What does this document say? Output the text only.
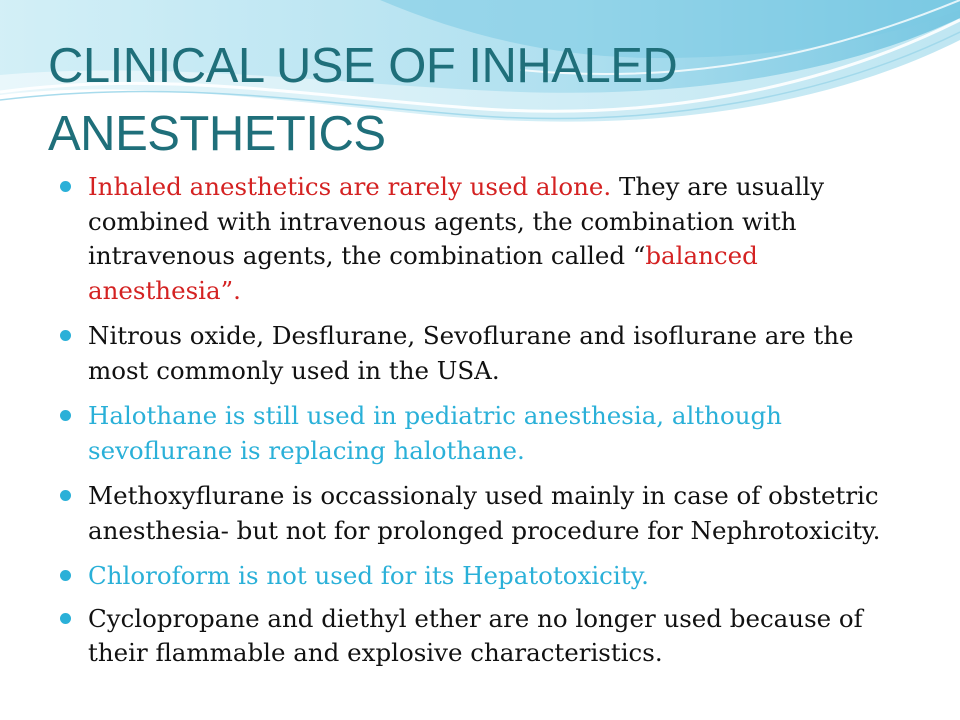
CLINICAL USE OF INHALED ANESTHETICS
Inhaled anesthetics are rarely used alone. They are usually combined with intravenous agents, the combination with intravenous agents, the combination called “balanced anesthesia”.
Nitrous oxide, Desflurane, Sevoflurane and isoflurane are the most commonly used in the USA.
Halothane is still used in pediatric anesthesia, although sevoflurane is replacing halothane.
Methoxyflurane is occassionaly used mainly in case of obstetric anesthesia- but not for prolonged procedure for Nephrotoxicity.
Chloroform is not used for its Hepatotoxicity.
Cyclopropane and diethyl ether are no longer used because of their flammable and explosive characteristics.
